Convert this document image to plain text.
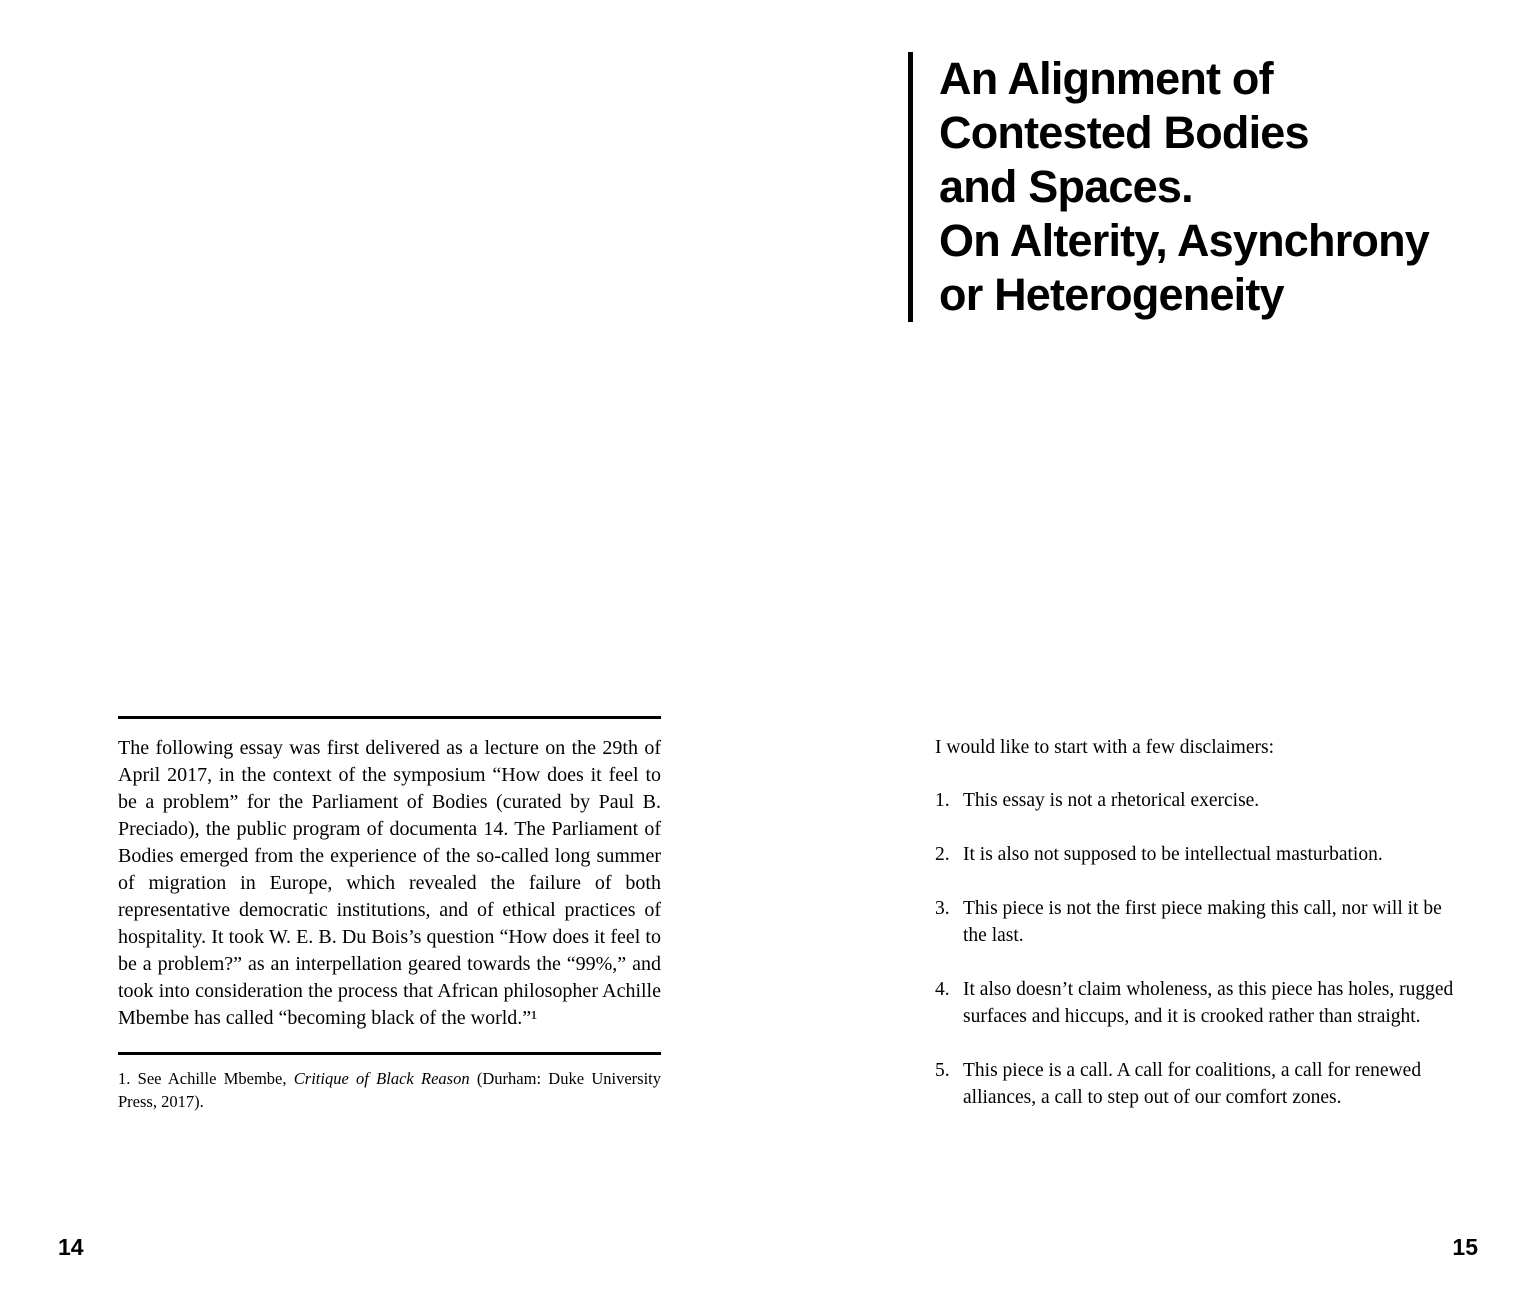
An Alignment of
Contested Bodies
and Spaces.
On Alterity, Asynchrony
or Heterogeneity

The following essay was first delivered as a lecture on the 29th of April 2017, in the context of the symposium “How does it feel to be a problem” for the Parliament of Bodies (curated by Paul B. Preciado), the public program of documenta 14. The Parliament of Bodies emerged from the experience of the so-called long summer of migration in Europe, which revealed the failure of both representative democratic institutions, and of ethical practices of hospitality. It took W. E. B. Du Bois’s question “How does it feel to be a problem?” as an interpellation geared towards the “99%,” and took into consideration the process that African philosopher Achille Mbembe has called “becoming black of the world.”¹

1. See Achille Mbembe, Critique of Black Reason (Durham: Duke University Press, 2017).

I would like to start with a few disclaimers:

1. This essay is not a rhetorical exercise.
2. It is also not supposed to be intellectual masturbation.
3. This piece is not the first piece making this call, nor will it be the last.
4. It also doesn’t claim wholeness, as this piece has holes, rugged surfaces and hiccups, and it is crooked rather than straight.
5. This piece is a call. A call for coalitions, a call for renewed alliances, a call to step out of our comfort zones.
14	15
